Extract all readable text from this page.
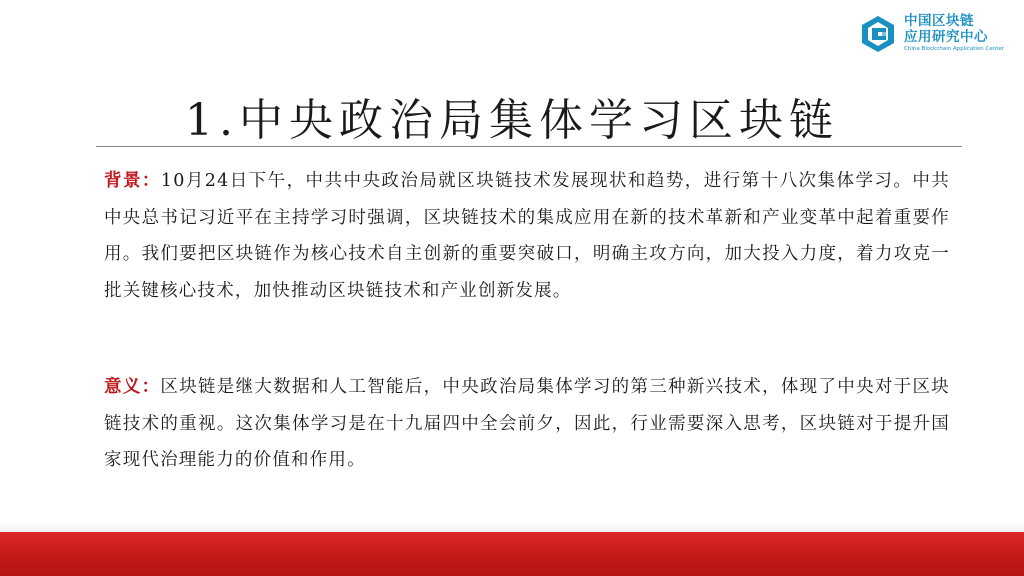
中国区块链
应用研究中心
China Blockchain Application Center
1.中央政治局集体学习区块链
背景：10月24日下午，中共中央政治局就区块链技术发展现状和趋势，进行第十八次集体学习。中共中央总书记习近平在主持学习时强调，区块链技术的集成应用在新的技术革新和产业变革中起着重要作用。我们要把区块链作为核心技术自主创新的重要突破口，明确主攻方向，加大投入力度，着力攻克一批关键核心技术，加快推动区块链技术和产业创新发展。
意义：区块链是继大数据和人工智能后，中央政治局集体学习的第三种新兴技术，体现了中央对于区块链技术的重视。这次集体学习是在十九届四中全会前夕，因此，行业需要深入思考，区块链对于提升国家现代治理能力的价值和作用。
